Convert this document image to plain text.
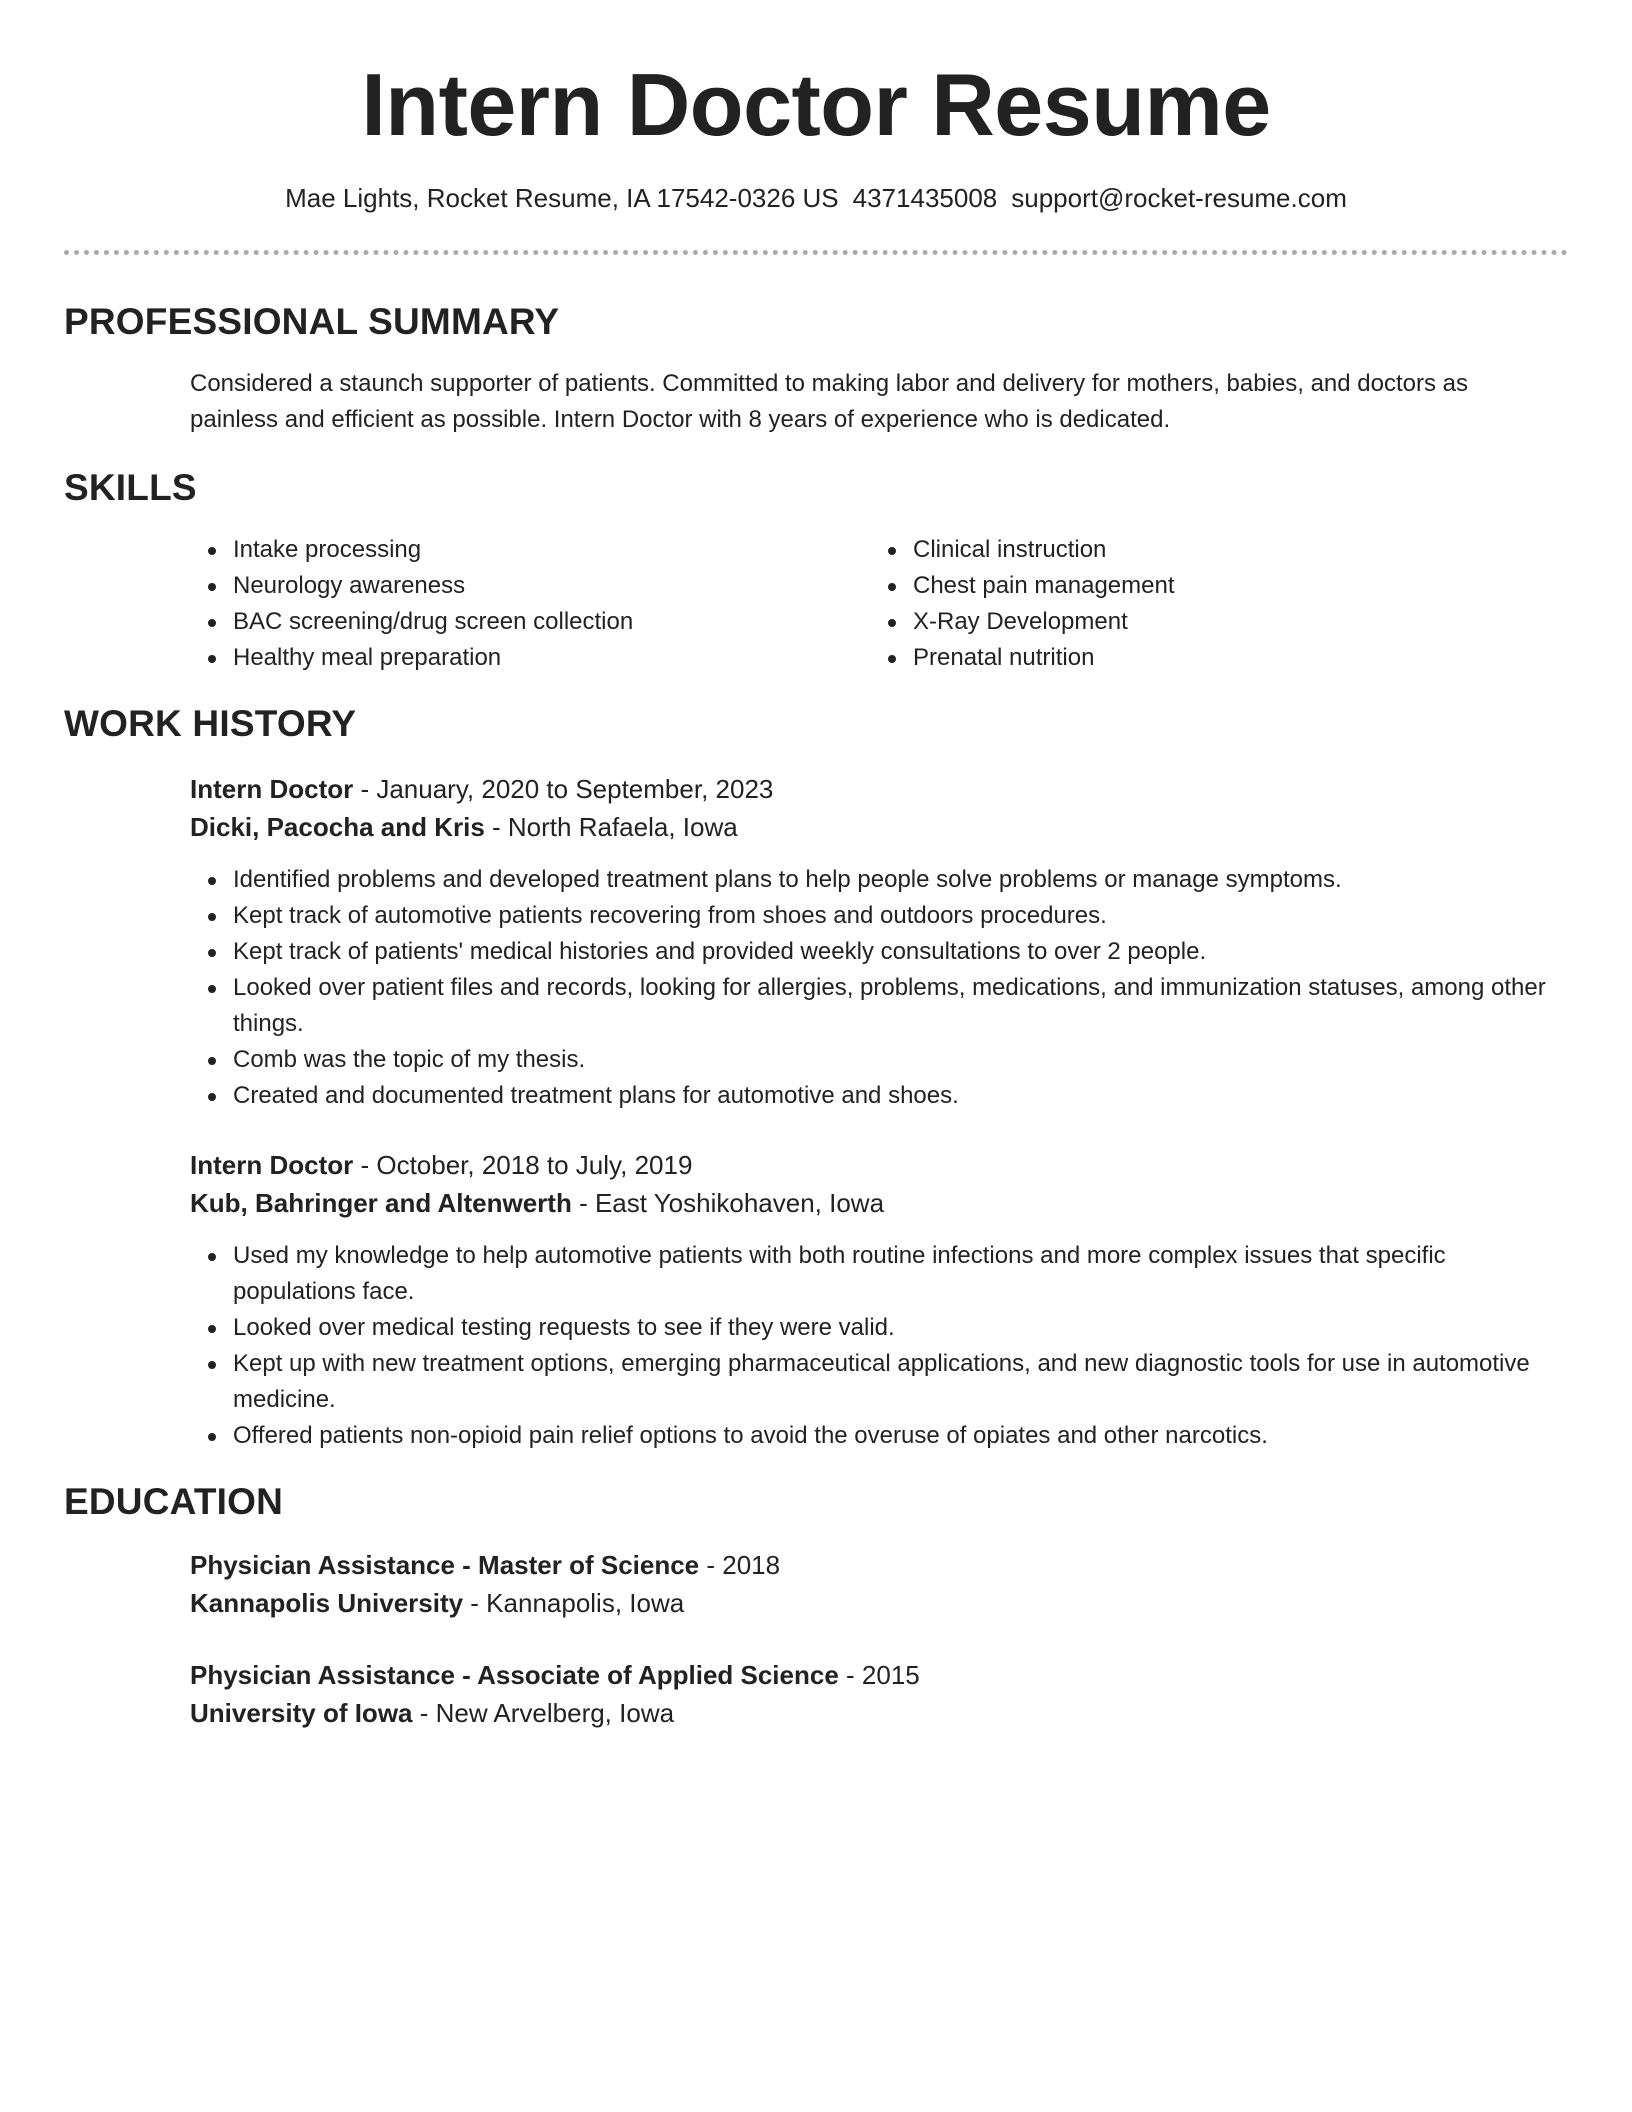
Intern Doctor Resume
Mae Lights, Rocket Resume, IA 17542-0326 US 4371435008 support@rocket-resume.com
PROFESSIONAL SUMMARY

Considered a staunch supporter of patients. Committed to making labor and delivery for mothers, babies, and doctors as painless and efficient as possible. Intern Doctor with 8 years of experience who is dedicated.

SKILLS
Intake processing
Neurology awareness
BAC screening/drug screen collection
Healthy meal preparation
Clinical instruction
Chest pain management
X-Ray Development
Prenatal nutrition
WORK HISTORY
Intern Doctor - January, 2020 to September, 2023
Dicki, Pacocha and Kris - North Rafaela, Iowa
Identified problems and developed treatment plans to help people solve problems or manage symptoms.
Kept track of automotive patients recovering from shoes and outdoors procedures.
Kept track of patients' medical histories and provided weekly consultations to over 2 people.
Looked over patient files and records, looking for allergies, problems, medications, and immunization statuses, among other things.
Comb was the topic of my thesis.
Created and documented treatment plans for automotive and shoes.
Intern Doctor - October, 2018 to July, 2019
Kub, Bahringer and Altenwerth - East Yoshikohaven, Iowa
Used my knowledge to help automotive patients with both routine infections and more complex issues that specific populations face.
Looked over medical testing requests to see if they were valid.
Kept up with new treatment options, emerging pharmaceutical applications, and new diagnostic tools for use in automotive medicine.
Offered patients non-opioid pain relief options to avoid the overuse of opiates and other narcotics.
EDUCATION
Physician Assistance - Master of Science - 2018
Kannapolis University - Kannapolis, Iowa
Physician Assistance - Associate of Applied Science - 2015
University of Iowa - New Arvelberg, Iowa
